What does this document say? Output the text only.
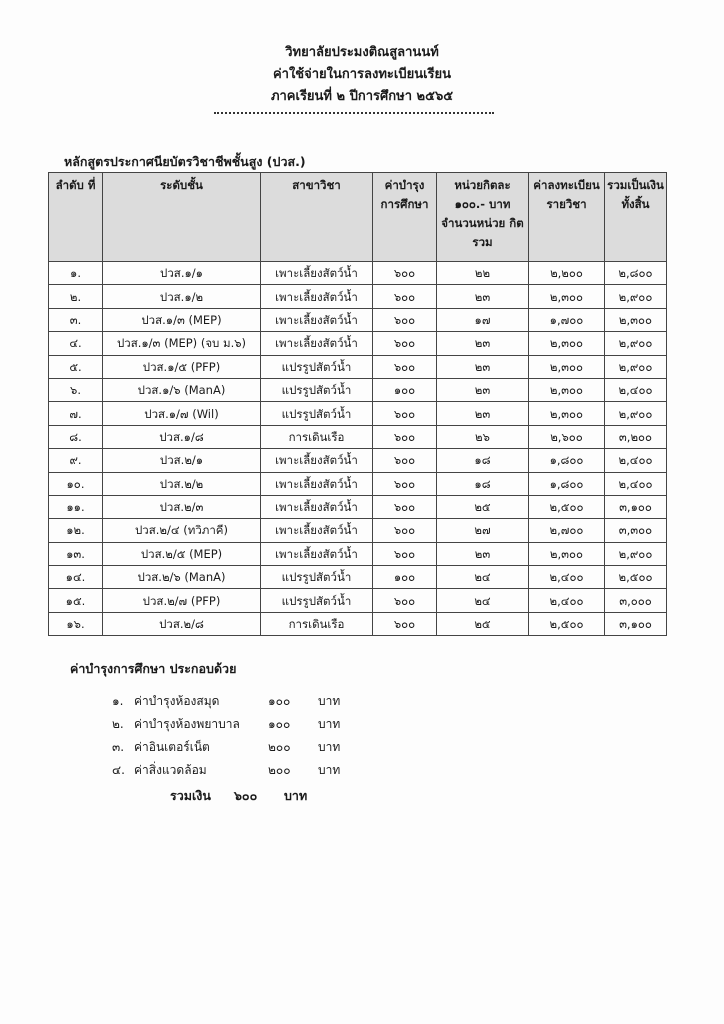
วิทยาลัยประมงติณสูลานนท์
ค่าใช้จ่ายในการลงทะเบียนเรียน
ภาคเรียนที่ ๒ ปีการศึกษา ๒๕๖๕
หลักสูตรประกาศนียบัตรวิชาชีพชั้นสูง (ปวส.)
ลำดับ ที่	ระดับชั้น	สาขาวิชา	ค่าบำรุง การศึกษา	หน่วยกิตละ ๑๐๐.- บาท จำนวนหน่วย กิตรวม	ค่าลงทะเบียน รายวิชา	รวมเป็นเงิน ทั้งสิ้น
๑.	ปวส.๑/๑	เพาะเลี้ยงสัตว์น้ำ	๖๐๐	๒๒	๒,๒๐๐	๒,๘๐๐
๒.	ปวส.๑/๒	เพาะเลี้ยงสัตว์น้ำ	๖๐๐	๒๓	๒,๓๐๐	๒,๙๐๐
๓.	ปวส.๑/๓ (MEP)	เพาะเลี้ยงสัตว์น้ำ	๖๐๐	๑๗	๑,๗๐๐	๒,๓๐๐
๔.	ปวส.๑/๓ (MEP) (จบ ม.๖)	เพาะเลี้ยงสัตว์น้ำ	๖๐๐	๒๓	๒,๓๐๐	๒,๙๐๐
๕.	ปวส.๑/๕ (PFP)	แปรรูปสัตว์น้ำ	๖๐๐	๒๓	๒,๓๐๐	๒,๙๐๐
๖.	ปวส.๑/๖ (ManA)	แปรรูปสัตว์น้ำ	๑๐๐	๒๓	๒,๓๐๐	๒,๔๐๐
๗.	ปวส.๑/๗ (Wil)	แปรรูปสัตว์น้ำ	๖๐๐	๒๓	๒,๓๐๐	๒,๙๐๐
๘.	ปวส.๑/๘	การเดินเรือ	๖๐๐	๒๖	๒,๖๐๐	๓,๒๐๐
๙.	ปวส.๒/๑	เพาะเลี้ยงสัตว์น้ำ	๖๐๐	๑๘	๑,๘๐๐	๒,๔๐๐
๑๐.	ปวส.๒/๒	เพาะเลี้ยงสัตว์น้ำ	๖๐๐	๑๘	๑,๘๐๐	๒,๔๐๐
๑๑.	ปวส.๒/๓	เพาะเลี้ยงสัตว์น้ำ	๖๐๐	๒๕	๒,๕๐๐	๓,๑๐๐
๑๒.	ปวส.๒/๔ (ทวิภาคี)	เพาะเลี้ยงสัตว์น้ำ	๖๐๐	๒๗	๒,๗๐๐	๓,๓๐๐
๑๓.	ปวส.๒/๕ (MEP)	เพาะเลี้ยงสัตว์น้ำ	๖๐๐	๒๓	๒,๓๐๐	๒,๙๐๐
๑๔.	ปวส.๒/๖ (ManA)	แปรรูปสัตว์น้ำ	๑๐๐	๒๔	๒,๔๐๐	๒,๕๐๐
๑๕.	ปวส.๒/๗ (PFP)	แปรรูปสัตว์น้ำ	๖๐๐	๒๔	๒,๔๐๐	๓,๐๐๐
๑๖.	ปวส.๒/๘	การเดินเรือ	๖๐๐	๒๕	๒,๕๐๐	๓,๑๐๐
ค่าบำรุงการศึกษา ประกอบด้วย
๑. ค่าบำรุงห้องสมุด	๑๐๐	บาท
๒. ค่าบำรุงห้องพยาบาล	๑๐๐	บาท
๓. ค่าอินเตอร์เน็ต	๒๐๐	บาท
๔. ค่าสิ่งแวดล้อม	๒๐๐	บาท
รวมเงิน	๖๐๐	บาท
